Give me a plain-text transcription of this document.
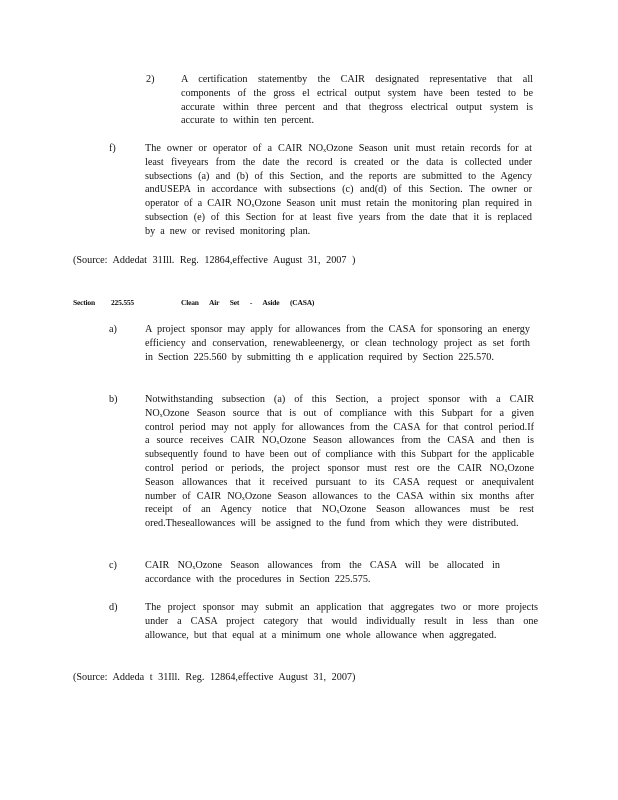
2)	A certification statementby the CAIR designated representative that all components of the gross el ectrical output system have been tested to be accurate within three percent and that thegross electrical output system is accurate to within ten percent.
f)	The owner or operator of a CAIR $NO_xOzone$ Season unit must retain records for at least fiveyears from the date the record is created or the data is collected under subsections (a) and (b) of this Section, and the reports are submitted to the Agency andUSEPA in accordance with subsections (c) and(d) of this Section. The owner or operator of a CAIR $NO_xOzone$ Season unit must retain the monitoring plan required in subsection (e) of this Section for at least five years from the date that it is replaced by a new or revised monitoring plan.
(Source: Addedat 31Ill. Reg. 12864,effective August 31, 2007 )
Section 225.555	Clean Air Set - Aside (CASA)
a)	A project sponsor may apply for allowances from the CASA for sponsoring an energy efficiency and conservation, renewableenergy, or clean technology project as set forth in Section 225.560 by submitting th e application required by Section 225.570.
b)	Notwithstanding subsection (a) of this Section, a project sponsor with a CAIR $NO_xOzone$ Season source that is out of compliance with this Subpart for a given control period may not apply for allowances from the CASA for that control period.If a source receives CAIR $NO_xOzone$ Season allowances from the CASA and then is subsequently found to have been out of compliance with this Subpart for the applicable control period or periods, the project sponsor must rest ore the CAIR $NO_xOzone$ Season allowances that it received pursuant to its CASA request or anequivalent number of CAIR $NO_xOzone$ Season allowances to the CASA within six months after receipt of an Agency notice that $NO_xOzone$ Season allowances must be rest ored.Theseallowances will be assigned to the fund from which they were distributed.
c)	CAIR $NO_xOzone$ Season allowances from the CASA will be allocated in accordance with the procedures in Section 225.575.
d)	The project sponsor may submit an application that aggregates two or more projects under a CASA project category that would individually result in less than one allowance, but that equal at a minimum one whole allowance when aggregated.
(Source: Addeda t 31Ill. Reg. 12864,effective August 31, 2007)
